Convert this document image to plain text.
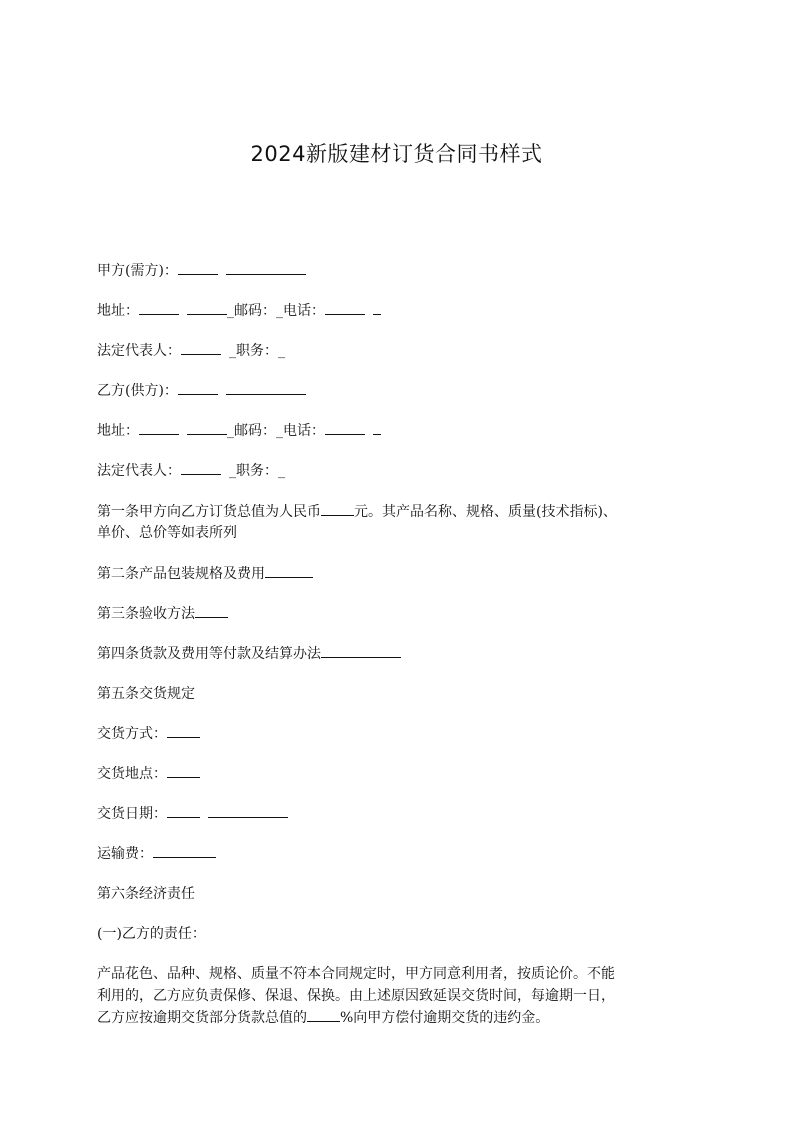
2024新版建材订货合同书样式
甲方(需方)：
地址：	_邮码：_电话：
法定代表人：	_职务：_
乙方(供方)：
地址：	_邮码：_电话：
法定代表人：	_职务：_
第一条甲方向乙方订货总值为人民币 元。其产品名称、规格、质量(技术指标)、
单价、总价等如表所列
第二条产品包装规格及费用
第三条验收方法
第四条货款及费用等付款及结算办法
第五条交货规定
交货方式：
交货地点：
交货日期：
运输费：
第六条经济责任
(一)乙方的责任：
产品花色、品种、规格、质量不符本合同规定时，甲方同意利用者，按质论价。不能
利用的，乙方应负责保修、保退、保换。由上述原因致延误交货时间，每逾期一日，
乙方应按逾期交货部分货款总值的 %向甲方偿付逾期交货的违约金。
